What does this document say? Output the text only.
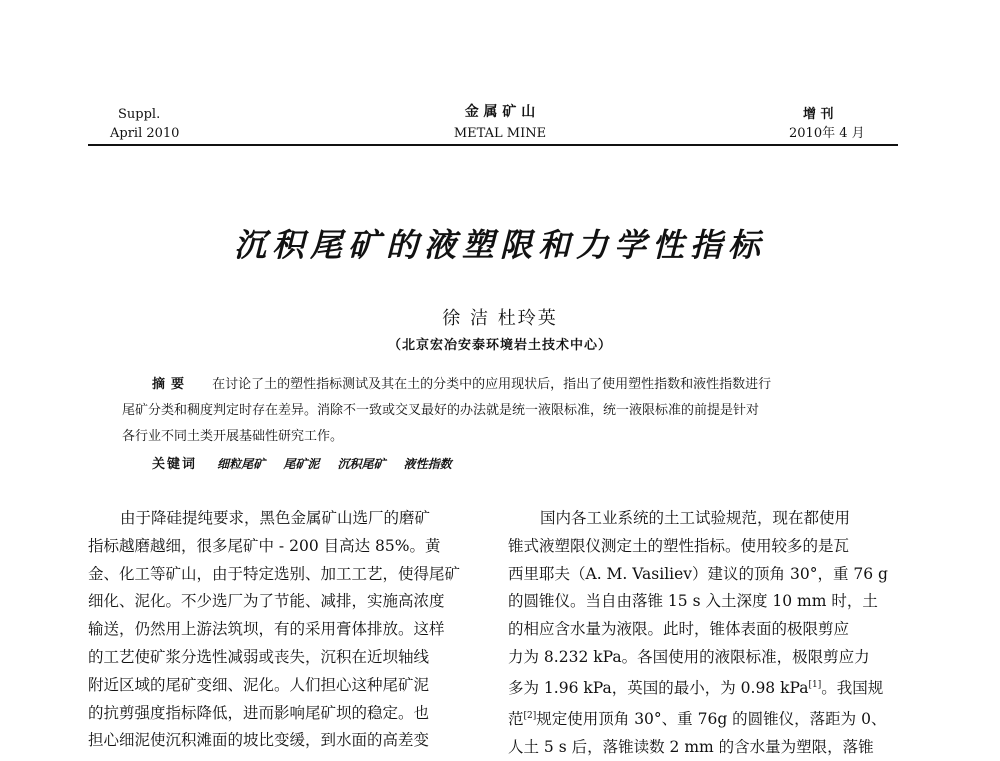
Suppl.
April 2010
金 属 矿 山
METAL MINE
增 刊
2010年 4 月
沉积尾矿的液塑限和力学性指标
徐 洁 杜玲英
（北京宏冶安泰环境岩土技术中心）
摘要 在讨论了土的塑性指标测试及其在土的分类中的应用现状后，指出了使用塑性指数和液性指数进行
尾矿分类和稠度判定时存在差异。消除不一致或交叉最好的办法就是统一液限标准，统一液限标准的前提是针对
各行业不同土类开展基础性研究工作。
关键词 细粒尾矿 尾矿泥 沉积尾矿 液性指数
由于降硅提纯要求，黑色金属矿山选厂的磨矿
指标越磨越细，很多尾矿中 - 200 目高达 85%。黄
金、化工等矿山，由于特定选别、加工工艺，使得尾矿
细化、泥化。不少选厂为了节能、减排，实施高浓度
输送，仍然用上游法筑坝，有的采用膏体排放。这样
的工艺使矿浆分选性减弱或丧失，沉积在近坝轴线
附近区域的尾矿变细、泥化。人们担心这种尾矿泥
的抗剪强度指标降低，进而影响尾矿坝的稳定。也
担心细泥使沉积滩面的坡比变缓，到水面的高差变
国内各工业系统的土工试验规范，现在都使用
锥式液塑限仪测定土的塑性指标。使用较多的是瓦
西里耶夫（A. M. Vasiliev）建议的顶角 30°，重 76 g
的圆锥仪。当自由落锥 15 s 入土深度 10 mm 时，土
的相应含水量为液限。此时，锥体表面的极限剪应
力为 8.232 kPa。各国使用的液限标准，极限剪应力
多为 1.96 kPa，英国的最小，为 0.98 kPa[1]。我国规
范[2]规定使用顶角 30°、重 76g 的圆锥仪，落距为 0、
人土 5 s 后，落锥读数 2 mm 的含水量为塑限，落锥
